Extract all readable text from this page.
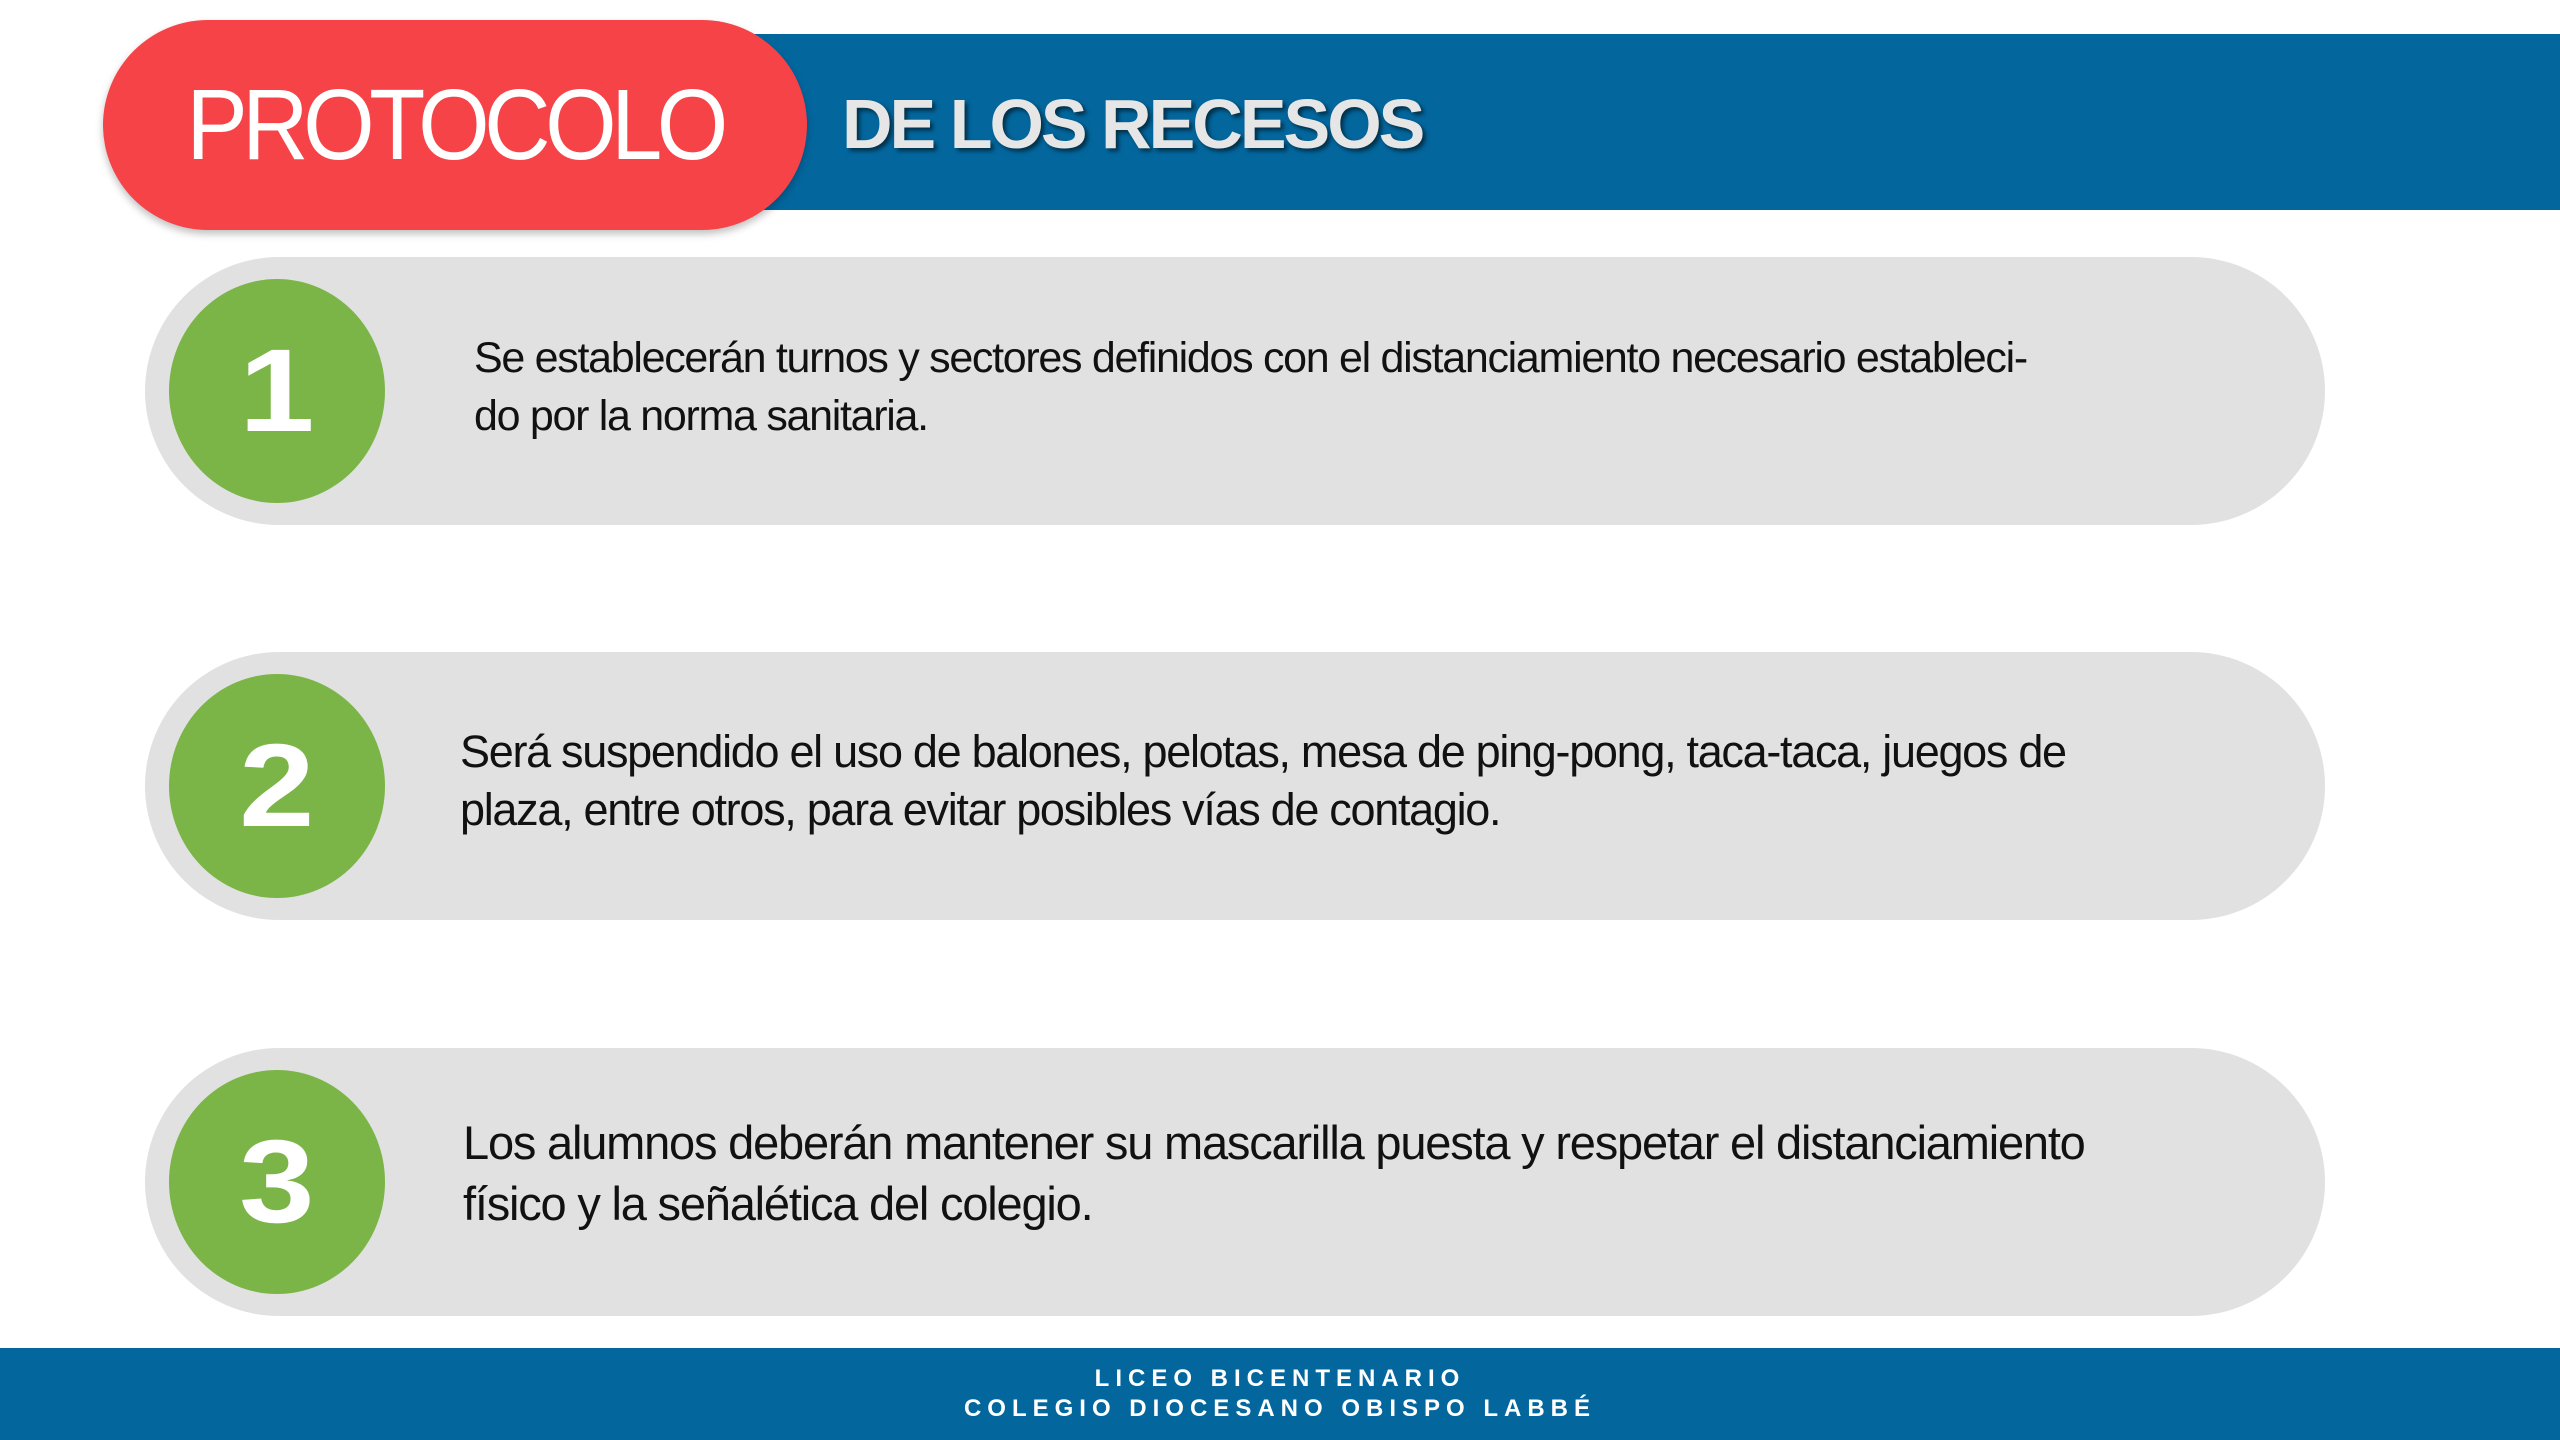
PROTOCOLO DE LOS RECESOS
1	Se establecerán turnos y sectores definidos con el distanciamiento necesario estableci-
do por la norma sanitaria.
2	Será suspendido el uso de balones, pelotas, mesa de ping-pong, taca-taca, juegos de
plaza, entre otros, para evitar posibles vías de contagio.
3	Los alumnos deberán mantener su mascarilla puesta y respetar el distanciamiento
físico y la señalética del colegio.
LICEO BICENTENARIO
COLEGIO DIOCESANO OBISPO LABBÉ
